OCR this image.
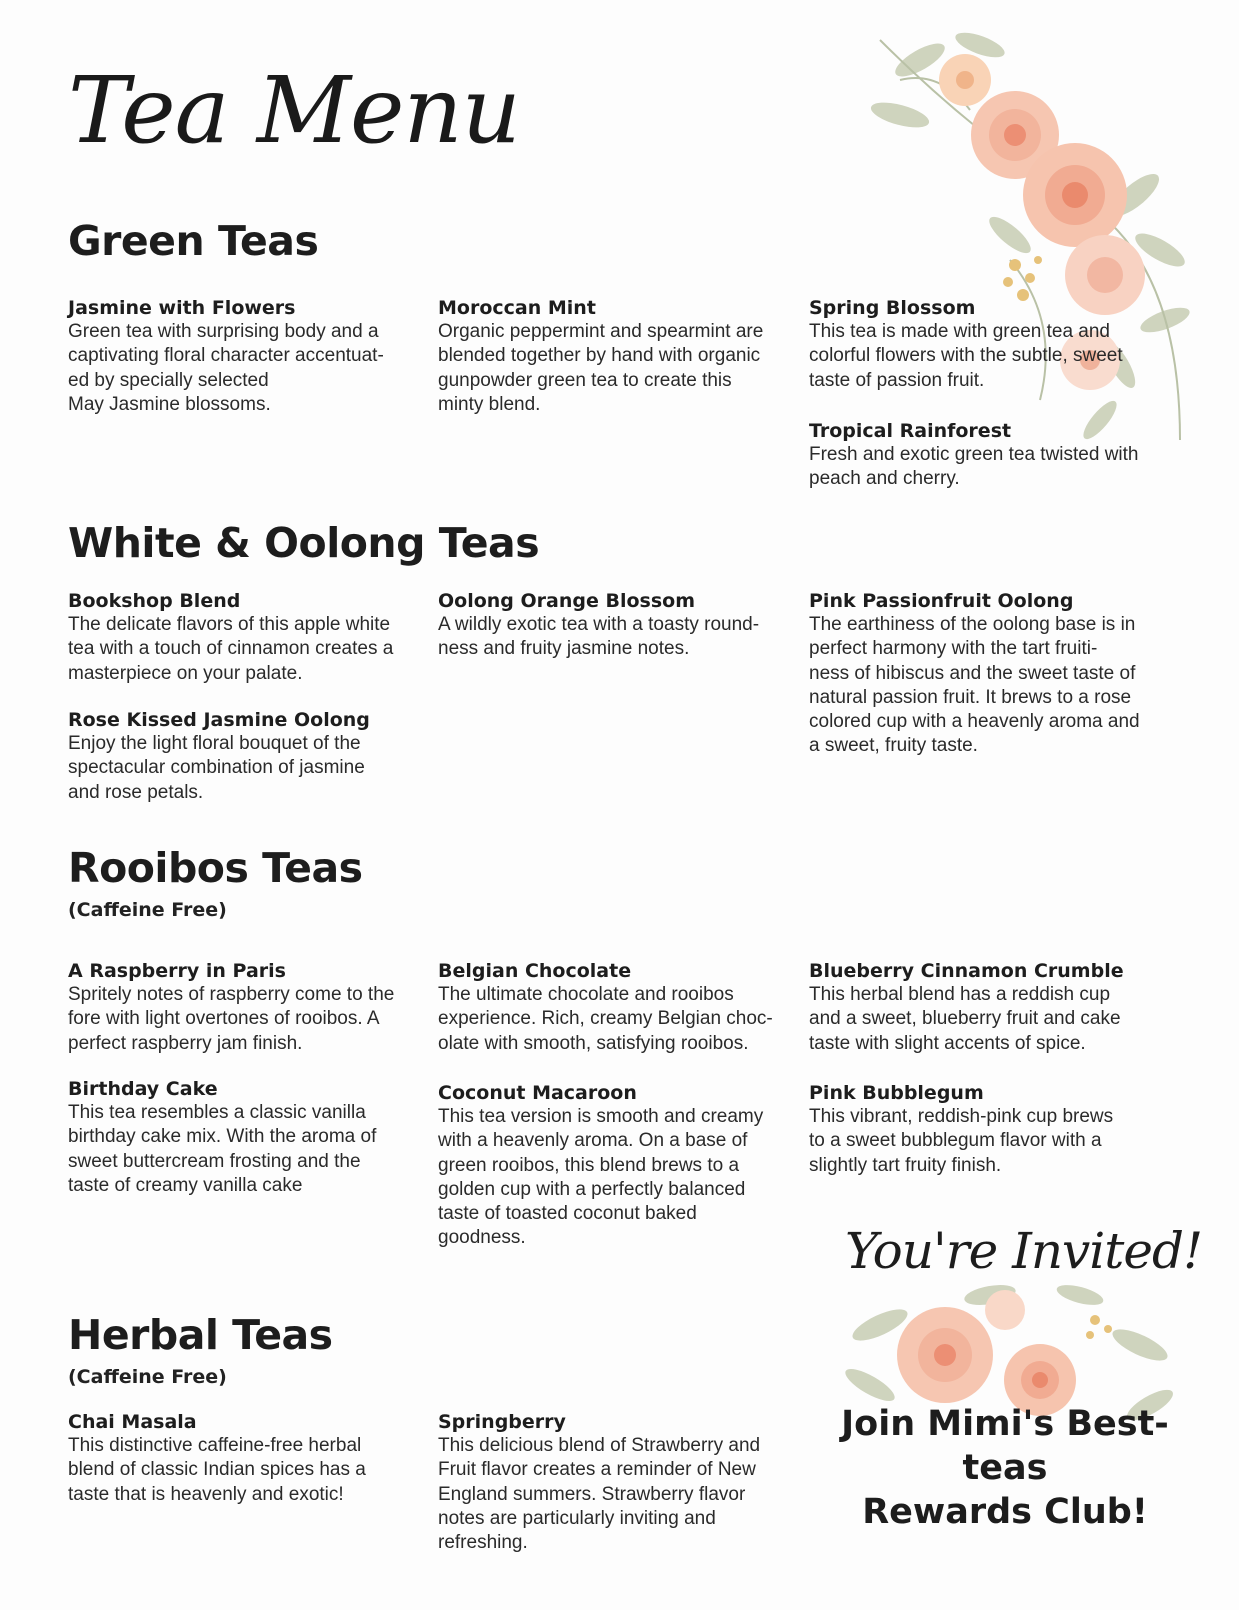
Tea Menu
Green Teas
Jasmine with Flowers
Green tea with surprising body and a
captivating floral character accentuat-
ed by specially selected
May Jasmine blossoms.
Moroccan Mint
Organic peppermint and spearmint are
blended together by hand with organic
gunpowder green tea to create this
minty blend.
Spring Blossom
This tea is made with green tea and
colorful flowers with the subtle, sweet
taste of passion fruit.
Tropical Rainforest
Fresh and exotic green tea twisted with
peach and cherry.
White & Oolong Teas
Bookshop Blend
The delicate flavors of this apple white
tea with a touch of cinnamon creates a
masterpiece on your palate.
Oolong Orange Blossom
A wildly exotic tea with a toasty round-
ness and fruity jasmine notes.
Pink Passionfruit Oolong
The earthiness of the oolong base is in
perfect harmony with the tart fruiti-
ness of hibiscus and the sweet taste of
natural passion fruit. It brews to a rose
colored cup with a heavenly aroma and
a sweet, fruity taste.
Rose Kissed Jasmine Oolong
Enjoy the light floral bouquet of the
spectacular combination of jasmine
and rose petals.
Rooibos Teas
(Caffeine Free)
A Raspberry in Paris
Spritely notes of raspberry come to the
fore with light overtones of rooibos. A
perfect raspberry jam finish.
Belgian Chocolate
The ultimate chocolate and rooibos
experience. Rich, creamy Belgian choc-
olate with smooth, satisfying rooibos.
Blueberry Cinnamon Crumble
This herbal blend has a reddish cup
and a sweet, blueberry fruit and cake
taste with slight accents of spice.
Birthday Cake
This tea resembles a classic vanilla
birthday cake mix. With the aroma of
sweet buttercream frosting and the
taste of creamy vanilla cake
Coconut Macaroon
This tea version is smooth and creamy
with a heavenly aroma. On a base of
green rooibos, this blend brews to a
golden cup with a perfectly balanced
taste of toasted coconut baked
goodness.
Pink Bubblegum
This vibrant, reddish-pink cup brews
to a sweet bubblegum flavor with a
slightly tart fruity finish.
Herbal Teas
(Caffeine Free)
Chai Masala
This distinctive caffeine-free herbal
blend of classic Indian spices has a
taste that is heavenly and exotic!
Springberry
This delicious blend of Strawberry and
Fruit flavor creates a reminder of New
England summers. Strawberry flavor
notes are particularly inviting and
refreshing.
You're Invited!
Join Mimi's Best-teas
Rewards Club!
